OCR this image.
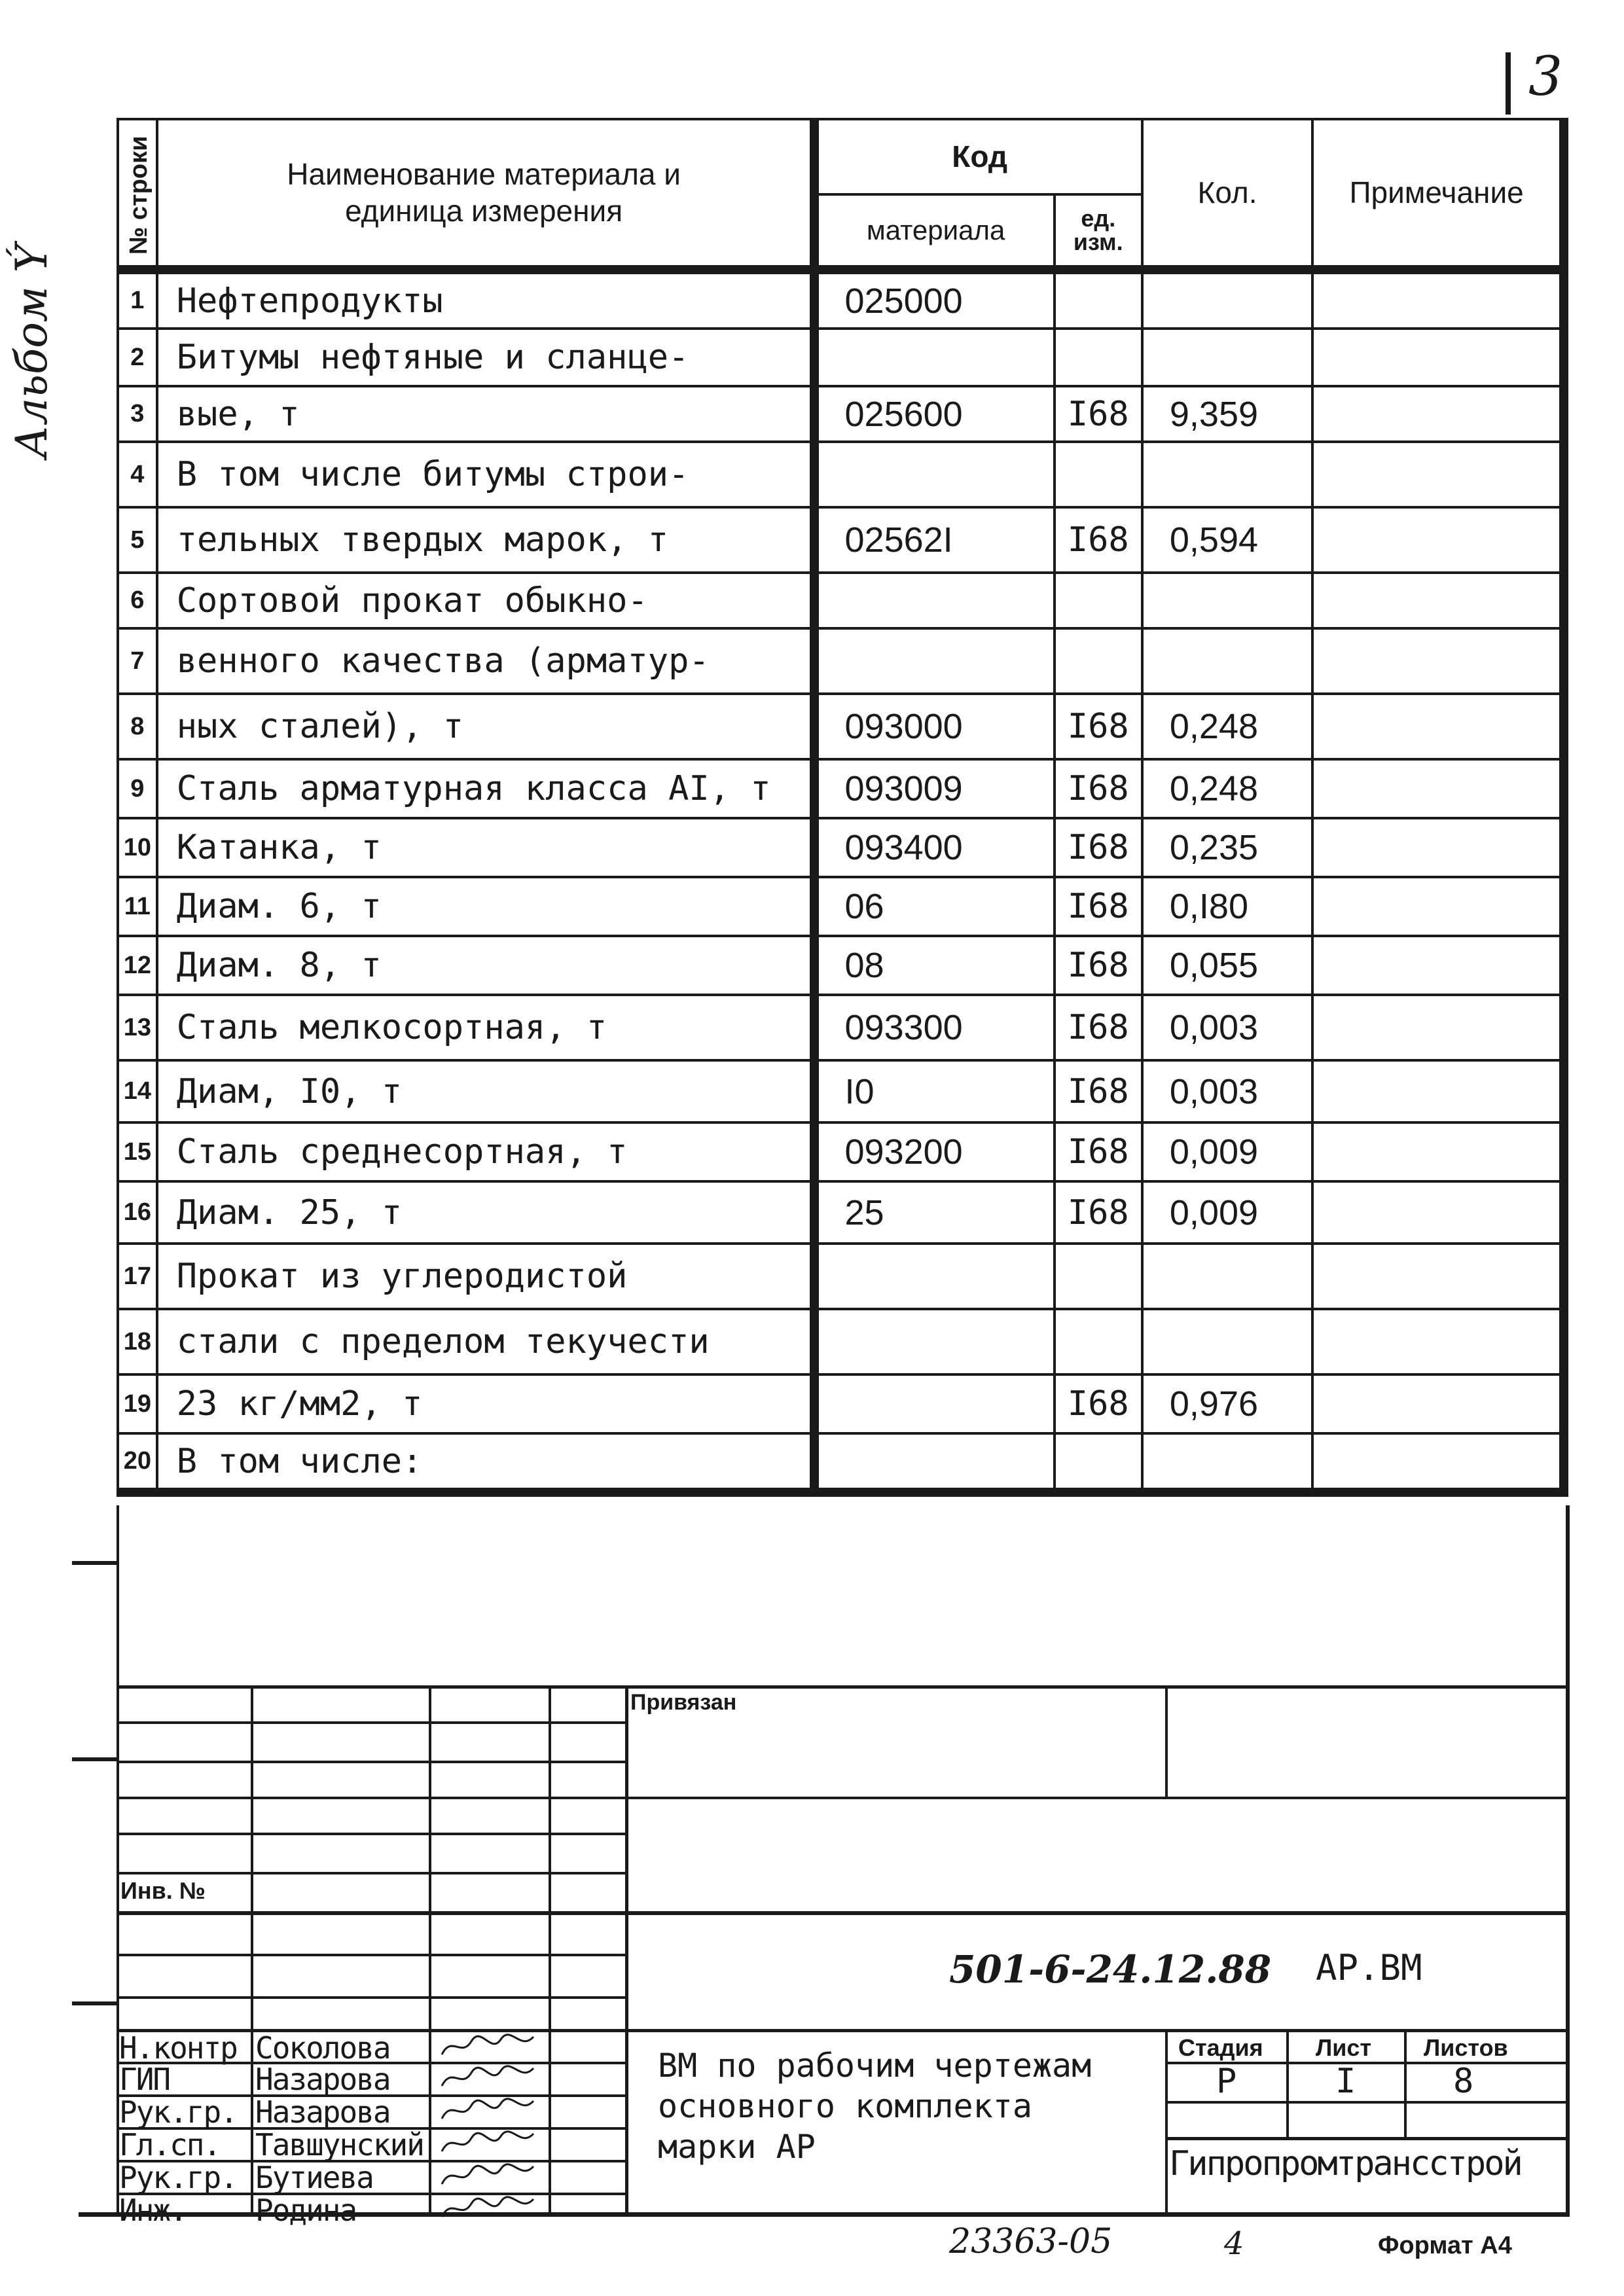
3
Альбом Ý
№ строки	Наименование материала и единица измерения	Код		Кол.	Примечание
		материала	ед. изм.		
1	Нефтепродукты	025000			
2	Битумы нефтяные и сланце-				
3	вые, т	025600	I68	9,359	
4	В том числе битумы строи-				
5	тельных твердых марок, т	02562I	I68	0,594	
6	Сортовой прокат обыкно-				
7	венного качества (арматур-				
8	ных сталей), т	093000	I68	0,248	
9	Сталь арматурная класса AI, т	093009	I68	0,248	
10	Катанка, т	093400	I68	0,235	
11	Диам. 6, т	06	I68	0,I80	
12	Диам. 8, т	08	I68	0,055	
13	Сталь мелкосортная, т	093300	I68	0,003	
14	Диам, I0, т	I0	I68	0,003	
15	Сталь среднесортная, т	093200	I68	0,009	
16	Диам. 25, т	25	I68	0,009	
17	Прокат из углеродистой				
18	стали с пределом текучести				
19	23 кг/мм2, т		I68	0,976	
20	В том числе:				
Привязан
Инв. №
501-6-24.12.88 АР.ВМ
Н.контр Соколова
ГИП	Назарова
Рук.гр. Назарова
Гл.сп. Тавшунский
Рук.гр. Бутиева
Инж. Родина
ВМ по рабочим чертежам
основного комплекта
марки АР
Стадия Лист Листов
Р	I	8
Гипропромтрансстрой
23363-05	4	Формат А4
